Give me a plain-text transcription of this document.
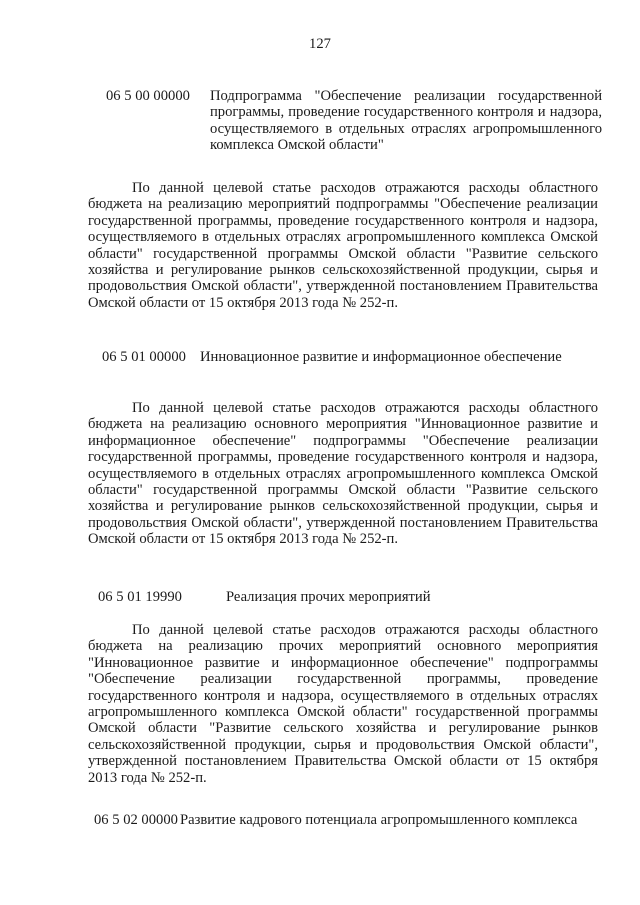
127
06 5 00 00000 Подпрограмма "Обеспечение реализации государственной программы, проведение государственного контроля и надзора, осуществляемого в отдельных отраслях агропромышленного комплекса Омской области"
По данной целевой статье расходов отражаются расходы областного бюджета на реализацию мероприятий подпрограммы "Обеспечение реализации государственной программы, проведение государственного контроля и надзора, осуществляемого в отдельных отраслях агропромышленного комплекса Омской области" государственной программы Омской области "Развитие сельского хозяйства и регулирование рынков сельскохозяйственной продукции, сырья и продовольствия Омской области", утвержденной постановлением Правительства Омской области от 15 октября 2013 года № 252-п.
06 5 01 00000 Инновационное развитие и информационное обеспечение
По данной целевой статье расходов отражаются расходы областного бюджета на реализацию основного мероприятия "Инновационное развитие и информационное обеспечение" подпрограммы "Обеспечение реализации государственной программы, проведение государственного контроля и надзора, осуществляемого в отдельных отраслях агропромышленного комплекса Омской области" государственной программы Омской области "Развитие сельского хозяйства и регулирование рынков сельскохозяйственной продукции, сырья и продовольствия Омской области", утвержденной постановлением Правительства Омской области от 15 октября 2013 года № 252-п.
06 5 01 19990	Реализация прочих мероприятий
По данной целевой статье расходов отражаются расходы областного бюджета на реализацию прочих мероприятий основного мероприятия "Инновационное развитие и информационное обеспечение" подпрограммы "Обеспечение реализации государственной программы, проведение государственного контроля и надзора, осуществляемого в отдельных отраслях агропромышленного комплекса Омской области" государственной программы Омской области "Развитие сельского хозяйства и регулирование рынков сельскохозяйственной продукции, сырья и продовольствия Омской области", утвержденной постановлением Правительства Омской области от 15 октября 2013 года № 252-п.
06 5 02 00000 Развитие кадрового потенциала агропромышленного комплекса
